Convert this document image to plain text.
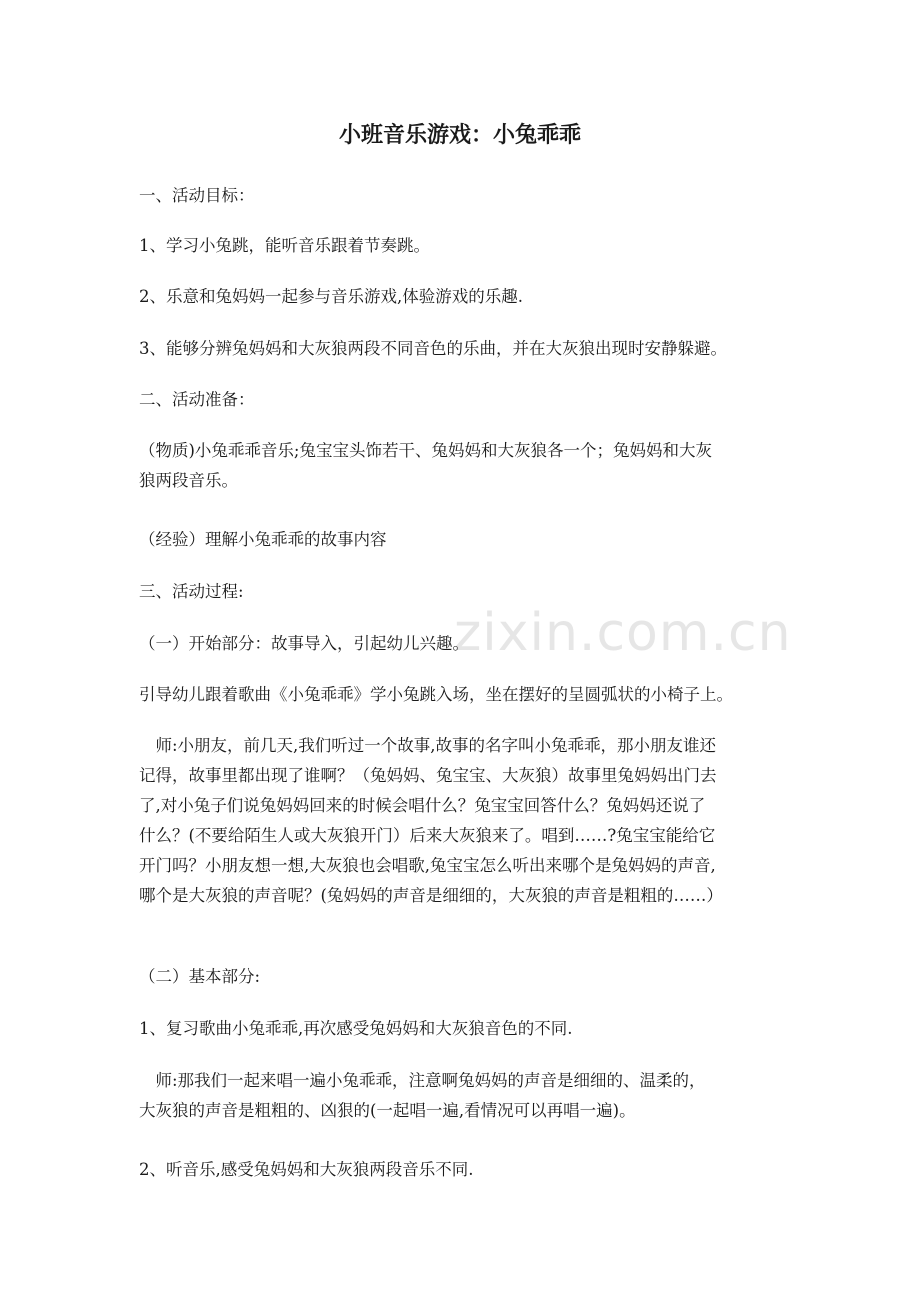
zixin.com.cn
小班音乐游戏：小兔乖乖
一、活动目标：
1、学习小兔跳，能听音乐跟着节奏跳。
2、乐意和兔妈妈一起参与音乐游戏,体验游戏的乐趣.
3、能够分辨兔妈妈和大灰狼两段不同音色的乐曲，并在大灰狼出现时安静躲避。
二、活动准备：
（物质)小兔乖乖音乐;兔宝宝头饰若干、兔妈妈和大灰狼各一个；兔妈妈和大灰
狼两段音乐。
（经验）理解小兔乖乖的故事内容
三、活动过程:
（一）开始部分：故事导入，引起幼儿兴趣。
引导幼儿跟着歌曲《小兔乖乖》学小兔跳入场，坐在摆好的呈圆弧状的小椅子上。
　师:小朋友，前几天,我们听过一个故事,故事的名字叫小兔乖乖，那小朋友谁还
记得，故事里都出现了谁啊？（兔妈妈、兔宝宝、大灰狼）故事里兔妈妈出门去
了,对小兔子们说兔妈妈回来的时候会唱什么？兔宝宝回答什么？兔妈妈还说了
什么？(不要给陌生人或大灰狼开门）后来大灰狼来了。唱到……?兔宝宝能给它
开门吗？小朋友想一想,大灰狼也会唱歌,兔宝宝怎么听出来哪个是兔妈妈的声音,
哪个是大灰狼的声音呢？(兔妈妈的声音是细细的，大灰狼的声音是粗粗的……）
（二）基本部分:
1、复习歌曲小兔乖乖,再次感受兔妈妈和大灰狼音色的不同.
　师:那我们一起来唱一遍小兔乖乖，注意啊兔妈妈的声音是细细的、温柔的，
大灰狼的声音是粗粗的、凶狠的(一起唱一遍,看情况可以再唱一遍)。
2、听音乐,感受兔妈妈和大灰狼两段音乐不同.
